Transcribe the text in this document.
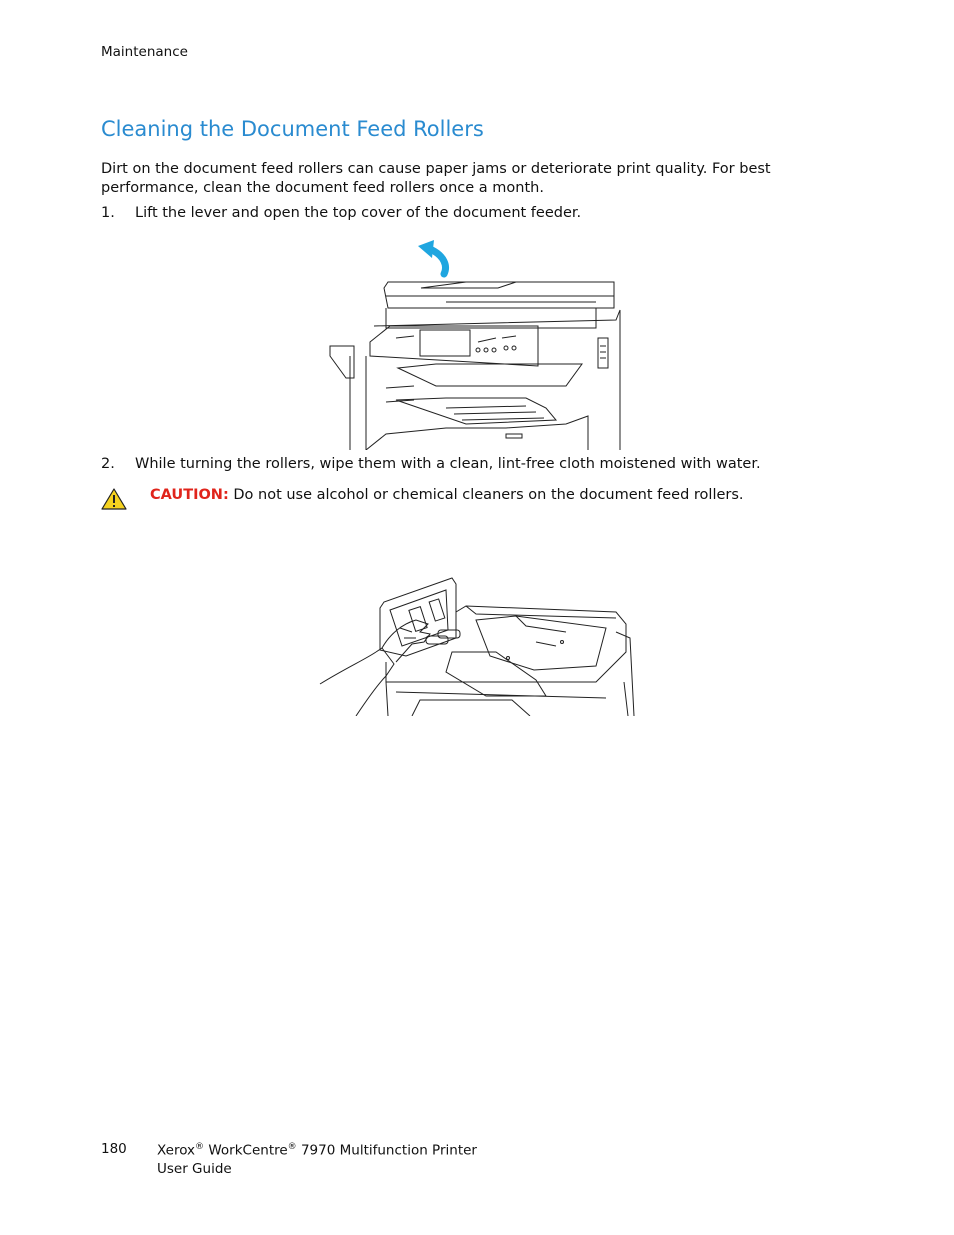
Maintenance
Cleaning the Document Feed Rollers
Dirt on the document feed rollers can cause paper jams or deteriorate print quality. For best performance, clean the document feed rollers once a month.
1. Lift the lever and open the top cover of the document feeder.
2. While turning the rollers, wipe them with a clean, lint-free cloth moistened with water.
CAUTION: Do not use alcohol or chemical cleaners on the document feed rollers.
180 Xerox® WorkCentre® 7970 Multifunction Printer
User Guide
